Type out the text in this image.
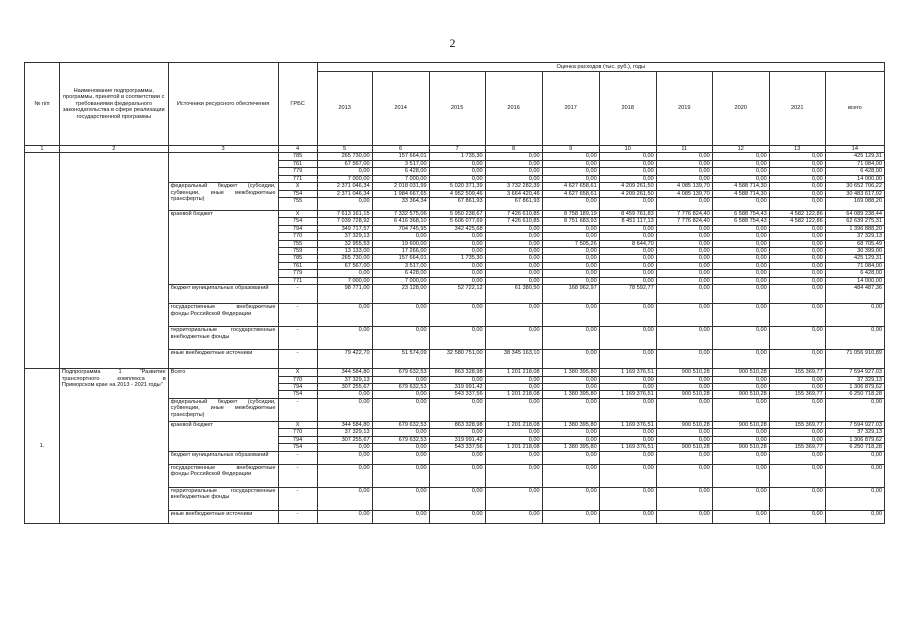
2
№ п/п	Наименование подпрограммы, программы, принятой в соответствии с требованиями федерального законодательства в сфере реализации государственной программы	Источники ресурсного обеспечения	ГРБС	Оценка расходов (тыс. руб.), годы									
				2013	2014	2015	2016	2017	2018	2019	2020	2021	всего
1	2	3	4	5	6	7	8	9	10	11	12	13	14
			785	265 730,00	157 664,01	1 735,30	0,00	0,00	0,00	0,00	0,00	0,00	425 129,31
			761	67 567,00	3 517,00	0,00	0,00	0,00	0,00	0,00	0,00	0,00	71 084,00
			779	0,00	6 428,00	0,00	0,00	0,00	0,00	0,00	0,00	0,00	6 428,00
			771	7 000,00	7 000,00	0,00	0,00	0,00	0,00	0,00	0,00	0,00	14 000,00
		федеральный бюджет (субсидии, субвенции, иные межбюджетные трансферты)	X	2 371 046,34	2 018 031,99	5 020 371,39	3 732 282,39	4 627 658,61	4 209 261,50	4 085 139,70	4 588 714,30	0,00	30 652 706,22
			754	2 371 046,34	1 984 667,65	4 952 509,46	3 664 420,46	4 627 658,61	4 209 261,50	4 085 139,70	4 588 714,30	0,00	30 483 617,02
			755	0,00	33 364,34	67 861,93	67 861,93	0,00	0,00	0,00	0,00	0,00	169 088,20
		краевой бюджет	X	7 613 161,15	7 332 575,06	5 950 238,67	7 426 610,85	8 758 189,19	8 459 761,83	7 776 824,40	6 588 754,43	4 582 122,86	64 089 238,44
			754	7 039 728,92	6 416 368,10	5 606 077,69	7 426 610,85	8 751 683,93	8 451 117,13	7 776 824,40	6 588 754,43	4 582 122,86	62 639 275,31
			794	349 717,57	704 745,95	342 425,68	0,00	0,00	0,00	0,00	0,00	0,00	1 396 888,20
			770	37 329,13	0,00	0,00	0,00	0,00	0,00	0,00	0,00	0,00	37 329,13
			755	32 955,53	19 600,00	0,00	0,00	7 505,26	8 644,70	0,00	0,00	0,00	68 705,49
			759	13 133,00	17 266,00	0,00	0,00	0,00	0,00	0,00	0,00	0,00	30 399,00
			785	265 730,00	157 664,01	1 735,30	0,00	0,00	0,00	0,00	0,00	0,00	425 129,31
			761	67 567,00	3 517,00	0,00	0,00	0,00	0,00	0,00	0,00	0,00	71 084,00
			779	0,00	6 428,00	0,00	0,00	0,00	0,00	0,00	0,00	0,00	6 428,00
			771	7 000,00	7 000,00	0,00	0,00	0,00	0,00	0,00	0,00	0,00	14 000,00
		бюджет муниципальных образований	-	98 771,00	23 128,00	52 722,12	61 380,50	168 962,97	78 592,77	0,00	0,00	0,00	484 487,36
		государственные внебюджетные фонды Российской Федерации	-	0,00	0,00	0,00	0,00	0,00	0,00	0,00	0,00	0,00	0,00
		территориальные государственные внебюджетные фонды	-	0,00	0,00	0,00	0,00	0,00	0,00	0,00	0,00	0,00	0,00
		иные внебюджетные источники	-	79 422,70	51 574,09	32 580 751,00	38 345 163,10	0,00	0,00	0,00	0,00	0,00	71 056 910,89
1.	Подпрограмма 1 "Развитие транспортного комплекса в Приморском крае на 2013 - 2021 годы"	Всего	X	344 584,80	679 632,53	863 328,98	1 201 218,08	1 380 395,80	1 169 376,51	900 510,28	900 510,28	155 369,77	7 594 927,03
			770	37 329,13	0,00	0,00	0,00	0,00	0,00	0,00	0,00	0,00	37 329,13
			794	307 255,67	679 632,53	319 991,42	0,00	0,00	0,00	0,00	0,00	0,00	1 306 879,62
			754	0,00	0,00	543 337,56	1 201 218,08	1 380 395,80	1 169 376,51	900 510,28	900 510,28	155 369,77	6 250 718,28
		федеральный бюджет (субсидии, субвенции, иные межбюджетные трансферты)	-	0,00	0,00	0,00	0,00	0,00	0,00	0,00	0,00	0,00	0,00
		краевой бюджет	X	344 584,80	679 632,53	863 328,98	1 201 218,08	1 380 395,80	1 169 376,51	900 510,28	900 510,28	155 369,77	7 594 927,03
			770	37 329,13	0,00	0,00	0,00	0,00	0,00	0,00	0,00	0,00	37 329,13
			794	307 255,67	679 632,53	319 991,42	0,00	0,00	0,00	0,00	0,00	0,00	1 306 879,62
			754	0,00	0,00	543 337,56	1 201 218,08	1 380 395,80	1 169 376,51	900 510,28	900 510,28	155 369,77	6 250 718,28
		бюджет муниципальных образований	-	0,00	0,00	0,00	0,00	0,00	0,00	0,00	0,00	0,00	0,00
		государственные внебюджетные фонды Российской Федерации	-	0,00	0,00	0,00	0,00	0,00	0,00	0,00	0,00	0,00	0,00
		территориальные государственные внебюджетные фонды	-	0,00	0,00	0,00	0,00	0,00	0,00	0,00	0,00	0,00	0,00
		иные внебюджетные источники	-	0,00	0,00	0,00	0,00	0,00	0,00	0,00	0,00	0,00	0,00
